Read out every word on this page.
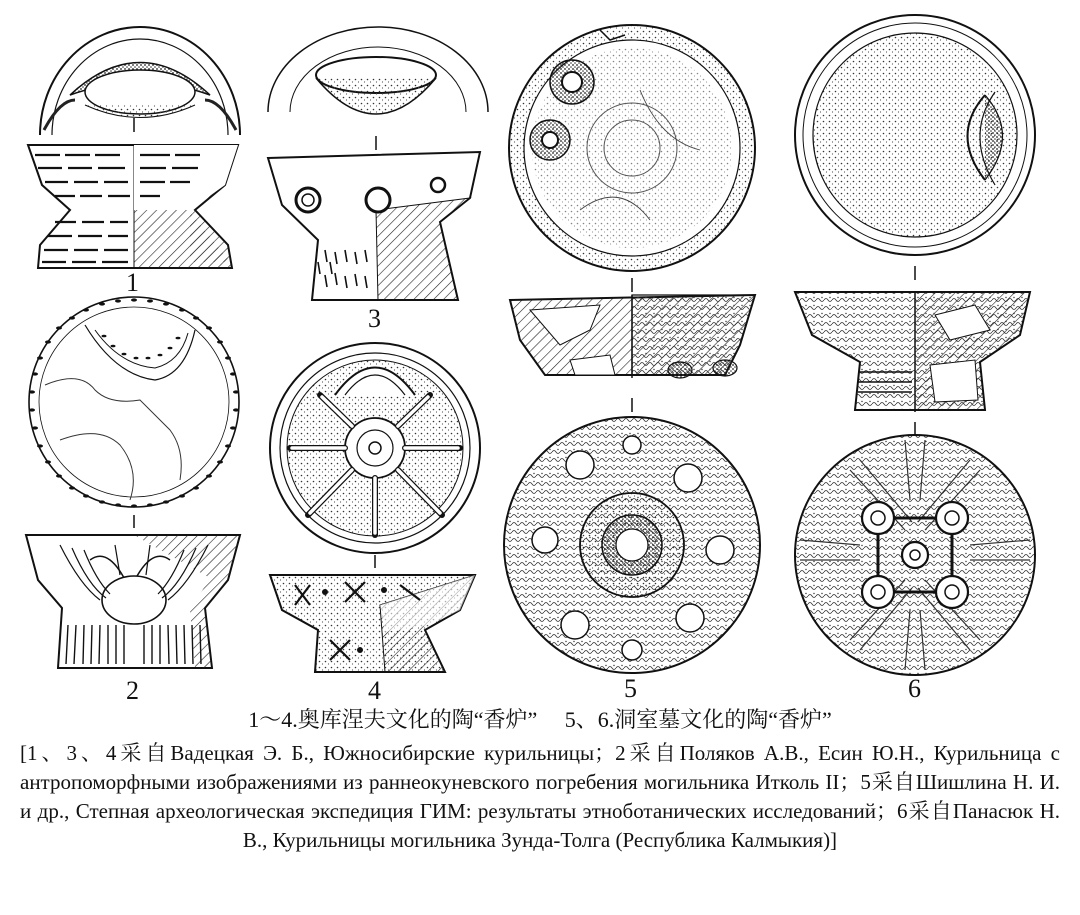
1
3
2	4	5	6
1～4.奥库涅夫文化的陶“香炉” 5、6.洞室墓文化的陶“香炉”
[1、3、4采自Вадецкая Э. Б., Южносибирские курильницы；2采自Поляков А.В., Есин Ю.Н., Курильница с антропоморфными изображениями из раннеокуневского погребения могильника Итколь II；5采自Шишлина Н. И. и др., Степная археологическая экспедиция ГИМ: результаты этноботанических исследований；6采自Панасюк Н. В., Курильницы могильника Зунда-Толга (Республика Калмыкия)]
